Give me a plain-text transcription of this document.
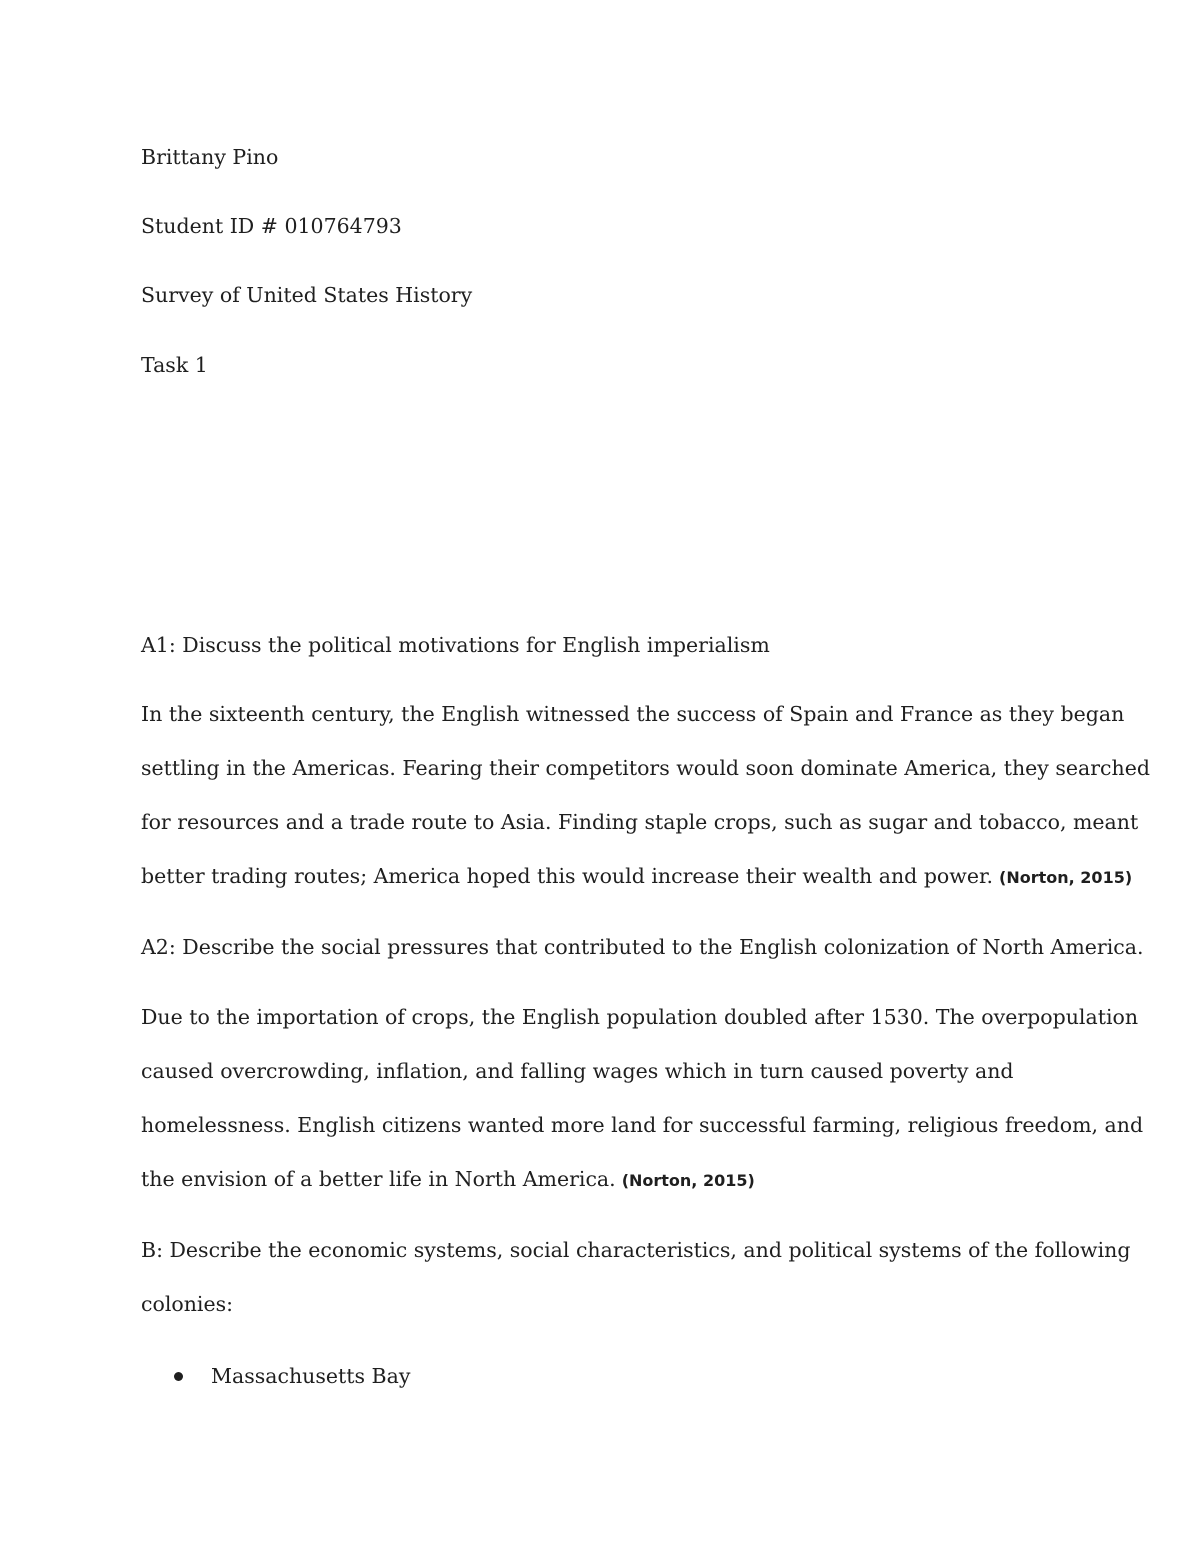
Brittany Pino
Student ID # 010764793
Survey of United States History
Task 1
A1: Discuss the political motivations for English imperialism
In the sixteenth century, the English witnessed the success of Spain and France as they began
settling in the Americas. Fearing their competitors would soon dominate America, they searched
for resources and a trade route to Asia. Finding staple crops, such as sugar and tobacco, meant
better trading routes; America hoped this would increase their wealth and power. (Norton, 2015)
A2: Describe the social pressures that contributed to the English colonization of North America.
Due to the importation of crops, the English population doubled after 1530. The overpopulation
caused overcrowding, inflation, and falling wages which in turn caused poverty and
homelessness. English citizens wanted more land for successful farming, religious freedom, and
the envision of a better life in North America. (Norton, 2015)
B: Describe the economic systems, social characteristics, and political systems of the following
colonies:
Massachusetts Bay
